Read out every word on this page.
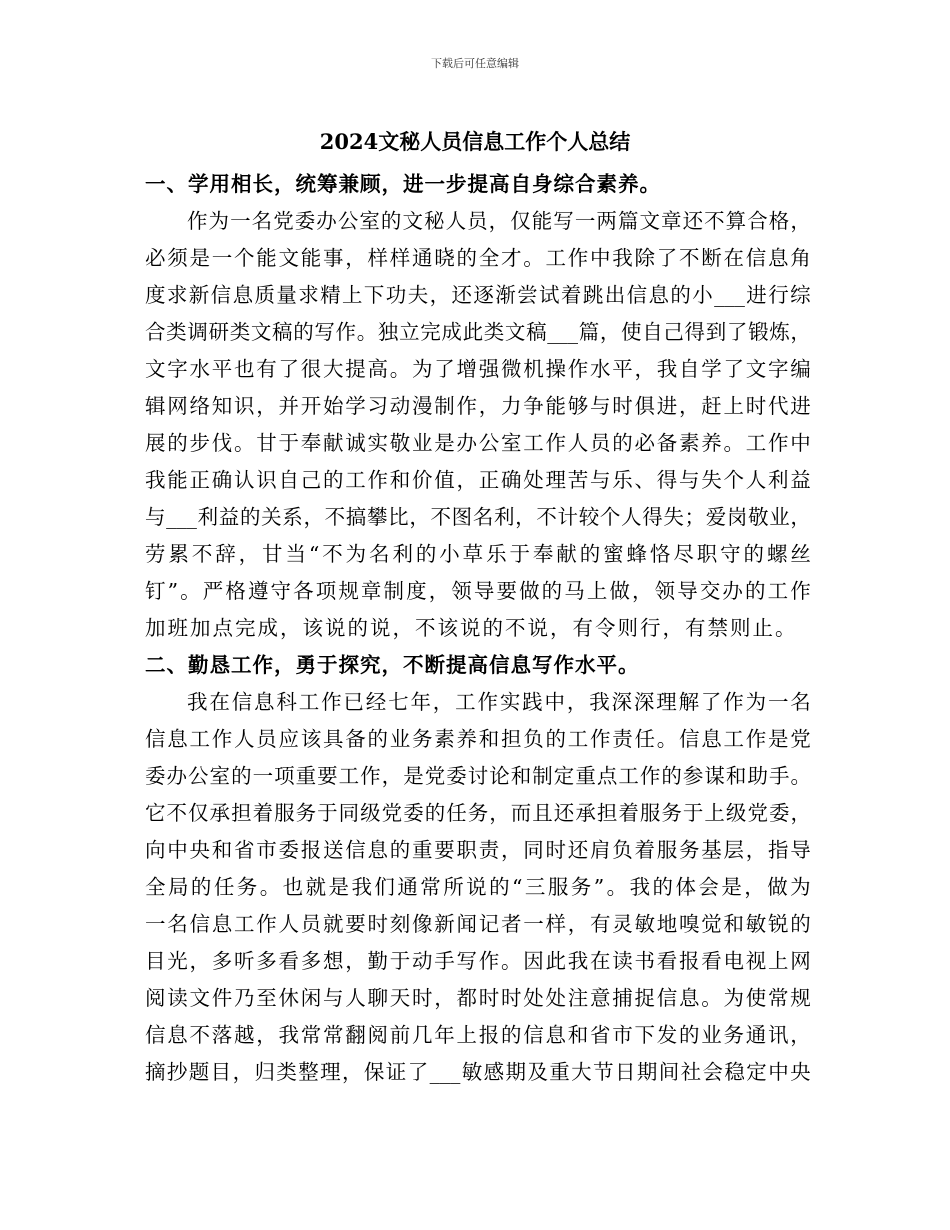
下载后可任意编辑
2024文秘人员信息工作个人总结
一、学用相长，统筹兼顾，进一步提高自身综合素养。
作 为 一 名 党 委 办 公 室 的 文 秘 人 员 ， 仅 能 写 一 两 篇 文 章 还 不 算 合 格 ，
必 须 是 一 个 能 文 能 事 ， 样 样 通 晓 的 全 才 。 工 作 中 我 除 了 不 断 在 信 息 角
度 求 新 信 息 质 量 求 精 上 下 功 夫 ， 还 逐 渐 尝 试 着 跳 出 信 息 的 小 ___ 进 行 综
合 类 调 研 类 文 稿 的 写 作 。 独 立 完 成 此 类 文 稿 ___ 篇 ， 使 自 己 得 到 了 锻 炼 ，
文 字 水 平 也 有 了 很 大 提 高 。 为 了 增 强 微 机 操 作 水 平 ， 我 自 学 了 文 字 编
辑 网 络 知 识 ， 并 开 始 学 习 动 漫 制 作 ， 力 争 能 够 与 时 俱 进 ， 赶 上 时 代 进
展 的 步 伐 。 甘 于 奉 献 诚 实 敬 业 是 办 公 室 工 作 人 员 的 必 备 素 养 。 工 作 中
我 能 正 确 认 识 自 己 的 工 作 和 价 值 ， 正 确 处 理 苦 与 乐 、 得 与 失 个 人 利 益
与 ___ 利 益 的 关 系 ， 不 搞 攀 比 ， 不 图 名 利 ， 不 计 较 个 人 得 失 ； 爱 岗 敬 业 ，
劳 累 不 辞 ， 甘 当 “ 不 为 名 利 的 小 草 乐 于 奉 献 的 蜜 蜂 恪 尽 职 守 的 螺 丝
钉 ” 。 严 格 遵 守 各 项 规 章 制 度 ， 领 导 要 做 的 马 上 做 ， 领 导 交 办 的 工 作
加班加点完成，该说的说，不该说的不说，有令则行，有禁则止。
二、勤恳工作，勇于探究，不断提高信息写作水平。
我 在 信 息 科 工 作 已 经 七 年 ， 工 作 实 践 中 ， 我 深 深 理 解 了 作 为 一 名
信 息 工 作 人 员 应 该 具 备 的 业 务 素 养 和 担 负 的 工 作 责 任 。 信 息 工 作 是 党
委 办 公 室 的 一 项 重 要 工 作 ， 是 党 委 讨 论 和 制 定 重 点 工 作 的 参 谋 和 助 手 。
它 不 仅 承 担 着 服 务 于 同 级 党 委 的 任 务 ， 而 且 还 承 担 着 服 务 于 上 级 党 委 ，
向 中 央 和 省 市 委 报 送 信 息 的 重 要 职 责 ， 同 时 还 肩 负 着 服 务 基 层 ， 指 导
全 局 的 任 务 。 也 就 是 我 们 通 常 所 说 的 “ 三 服 务 ” 。 我 的 体 会 是 ， 做 为
一 名 信 息 工 作 人 员 就 要 时 刻 像 新 闻 记 者 一 样 ， 有 灵 敏 地 嗅 觉 和 敏 锐 的
目 光 ， 多 听 多 看 多 想 ， 勤 于 动 手 写 作 。 因 此 我 在 读 书 看 报 看 电 视 上 网
阅 读 文 件 乃 至 休 闲 与 人 聊 天 时 ， 都 时 时 处 处 注 意 捕 捉 信 息 。 为 使 常 规
信 息 不 落 越 ， 我 常 常 翻 阅 前 几 年 上 报 的 信 息 和 省 市 下 发 的 业 务 通 讯 ，
摘 抄 题 目 ， 归 类 整 理 ， 保 证 了 ___ 敏 感 期 及 重 大 节 日 期 间 社 会 稳 定 中 央
